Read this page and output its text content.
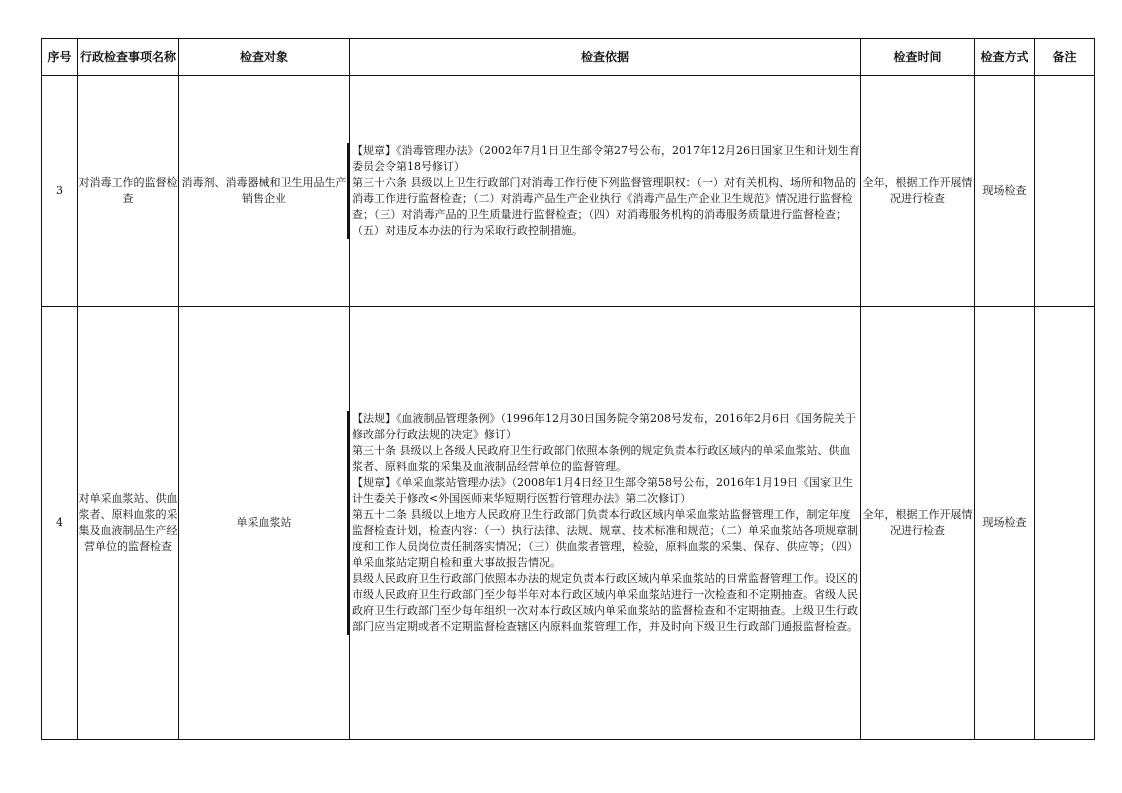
序号	行政检查事项名称	检查对象	检查依据	检查时间	检查方式	备注
3	对消毒工作的监督检查	消毒剂、消毒器械和卫生用品生产销售企业	【规章】《消毒管理办法》（2002年7月1日卫生部令第27号公布，2017年12月26日国家卫生和计划生育委员会令第18号修订）
第三十六条 县级以上卫生行政部门对消毒工作行使下列监督管理职权：（一）对有关机构、场所和物品的消毒工作进行监督检查；（二）对消毒产品生产企业执行《消毒产品生产企业卫生规范》情况进行监督检查；（三）对消毒产品的卫生质量进行监督检查；（四）对消毒服务机构的消毒服务质量进行监督检查；（五）对违反本办法的行为采取行政控制措施。	全年，根据工作开展情况进行检查	现场检查	
4	对单采血浆站、供血浆者、原料血浆的采集及血液制品生产经营单位的监督检查	单采血浆站	【法规】《血液制品管理条例》（1996年12月30日国务院令第208号发布，2016年2月6日《国务院关于修改部分行政法规的决定》修订）
第三十条 县级以上各级人民政府卫生行政部门依照本条例的规定负责本行政区域内的单采血浆站、供血浆者、原料血浆的采集及血液制品经营单位的监督管理。
【规章】《单采血浆站管理办法》（2008年1月4日经卫生部令第58号公布，2016年1月19日《国家卫生计生委关于修改<外国医师来华短期行医暂行管理办法》第二次修订）
第五十二条 县级以上地方人民政府卫生行政部门负责本行政区域内单采血浆站监督管理工作，制定年度监督检查计划，检查内容：（一）执行法律、法规、规章、技术标准和规范；（二）单采血浆站各项规章制度和工作人员岗位责任制落实情况；（三）供血浆者管理，检验，原料血浆的采集、保存、供应等；（四）单采血浆站定期自检和重大事故报告情况。
县级人民政府卫生行政部门依照本办法的规定负责本行政区域内单采血浆站的日常监督管理工作。设区的市级人民政府卫生行政部门至少每半年对本行政区域内单采血浆站进行一次检查和不定期抽查。省级人民政府卫生行政部门至少每年组织一次对本行政区域内单采血浆站的监督检查和不定期抽查。上级卫生行政部门应当定期或者不定期监督检查辖区内原料血浆管理工作，并及时向下级卫生行政部门通报监督检查。	全年，根据工作开展情况进行检查	现场检查	
